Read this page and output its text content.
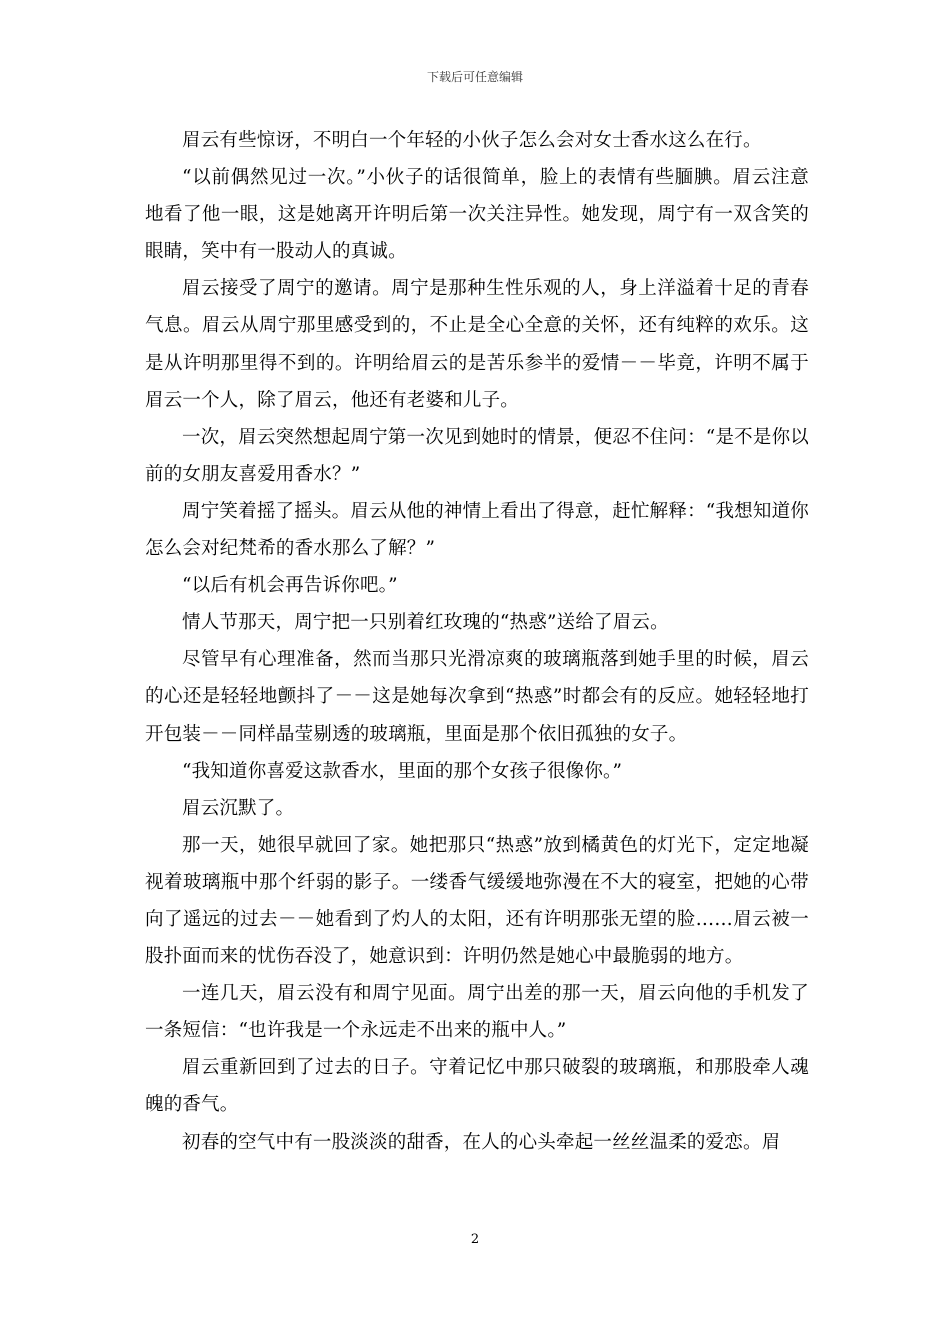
下载后可任意编辑

眉云有些惊讶，不明白一个年轻的小伙子怎么会对女士香水这么在行。

“以前偶然见过一次。”小伙子的话很简单，脸上的表情有些腼腆。眉云注意地看了他一眼，这是她离开许明后第一次关注异性。她发现，周宁有一双含笑的眼睛，笑中有一股动人的真诚。

眉云接受了周宁的邀请。周宁是那种生性乐观的人，身上洋溢着十足的青春气息。眉云从周宁那里感受到的，不止是全心全意的关怀，还有纯粹的欢乐。这是从许明那里得不到的。许明给眉云的是苦乐参半的爱情－－毕竟，许明不属于眉云一个人，除了眉云，他还有老婆和儿子。

一次，眉云突然想起周宁第一次见到她时的情景，便忍不住问：“是不是你以前的女朋友喜爱用香水？”

周宁笑着摇了摇头。眉云从他的神情上看出了得意，赶忙解释：“我想知道你怎么会对纪梵希的香水那么了解？”

“以后有机会再告诉你吧。”

情人节那天，周宁把一只别着红玫瑰的“热惑”送给了眉云。

尽管早有心理准备，然而当那只光滑凉爽的玻璃瓶落到她手里的时候，眉云的心还是轻轻地颤抖了－－这是她每次拿到“热惑”时都会有的反应。她轻轻地打开包装－－同样晶莹剔透的玻璃瓶，里面是那个依旧孤独的女子。

“我知道你喜爱这款香水，里面的那个女孩子很像你。”

眉云沉默了。

那一天，她很早就回了家。她把那只“热惑”放到橘黄色的灯光下，定定地凝视着玻璃瓶中那个纤弱的影子。一缕香气缓缓地弥漫在不大的寝室，把她的心带向了遥远的过去－－她看到了灼人的太阳，还有许明那张无望的脸……眉云被一股扑面而来的忧伤吞没了，她意识到：许明仍然是她心中最脆弱的地方。

一连几天，眉云没有和周宁见面。周宁出差的那一天，眉云向他的手机发了一条短信：“也许我是一个永远走不出来的瓶中人。”

眉云重新回到了过去的日子。守着记忆中那只破裂的玻璃瓶，和那股牵人魂魄的香气。

初春的空气中有一股淡淡的甜香，在人的心头牵起一丝丝温柔的爱恋。眉

2
